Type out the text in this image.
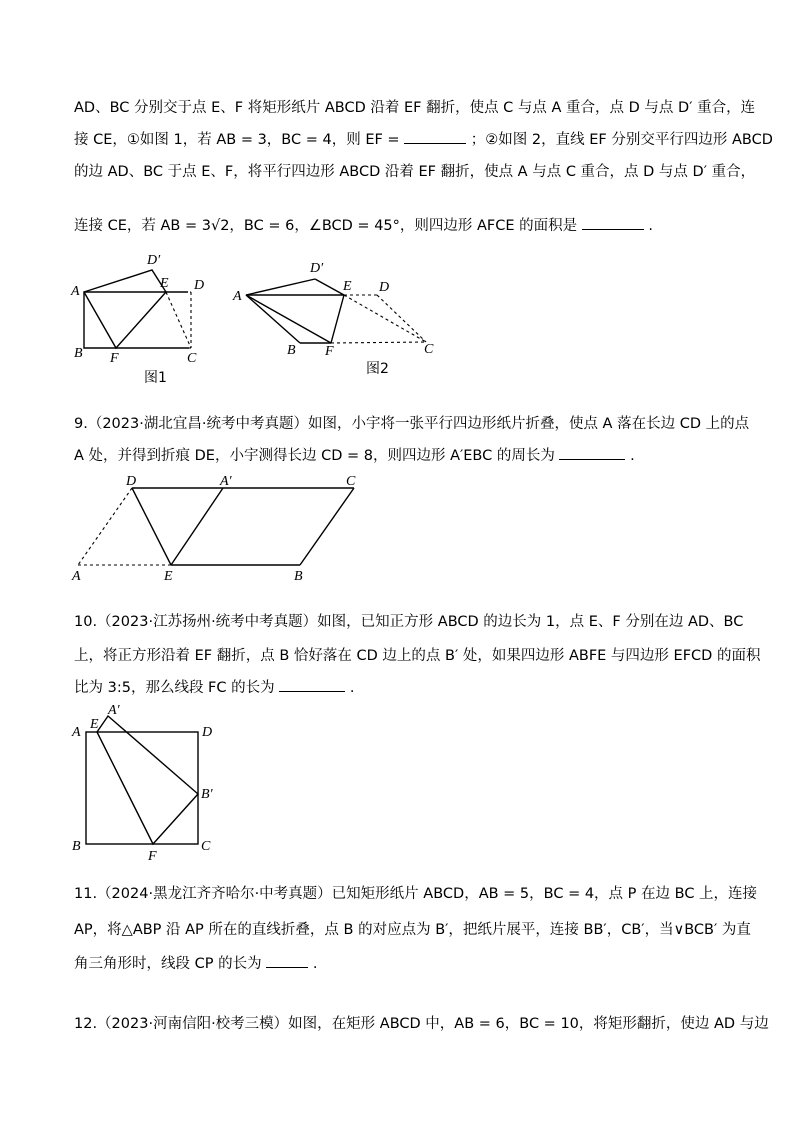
AD、BC 分别交于点 E、F 将矩形纸片 ABCD 沿着 EF 翻折，使点 C 与点 A 重合，点 D 与点 D′ 重合，连
接 CE，①如图 1，若 AB = 3，BC = 4，则 EF =	；②如图 2，直线 EF 分别交平行四边形 ABCD
的边 AD、BC 于点 E、F，将平行四边形 ABCD 沿着 EF 翻折，使点 A 与点 C 重合，点 D 与点 D′ 重合，
连接 CE，若 AB = 3√2，BC = 6，∠BCD = 45°，则四边形 AFCE 的面积是	.
D′
A
E D
B F	C
图1
D′
A
E D
B F	C
图2
9.（2023·湖北宜昌·统考中考真题）如图，小宇将一张平行四边形纸片折叠，使点 A 落在长边 CD 上的点
A 处，并得到折痕 DE，小宇测得长边 CD = 8，则四边形 A′EBC 的周长为	.
D	A′	C
A	E	B
10.（2023·江苏扬州·统考中考真题）如图，已知正方形 ABCD 的边长为 1，点 E、F 分别在边 AD、BC
上，将正方形沿着 EF 翻折，点 B 恰好落在 CD 边上的点 B′ 处，如果四边形 ABFE 与四边形 EFCD 的面积
比为 3:5，那么线段 FC 的长为	.
A′
E
A	D
B′
B	C
F
11.（2024·黑龙江齐齐哈尔·中考真题）已知矩形纸片 ABCD，AB = 5，BC = 4，点 P 在边 BC 上，连接
AP，将△ABP 沿 AP 所在的直线折叠，点 B 的对应点为 B′，把纸片展平，连接 BB′，CB′，当∨BCB′ 为直
角三角形时，线段 CP 的长为	.
12.（2023·河南信阳·校考三模）如图，在矩形 ABCD 中，AB = 6，BC = 10，将矩形翻折，使边 AD 与边
